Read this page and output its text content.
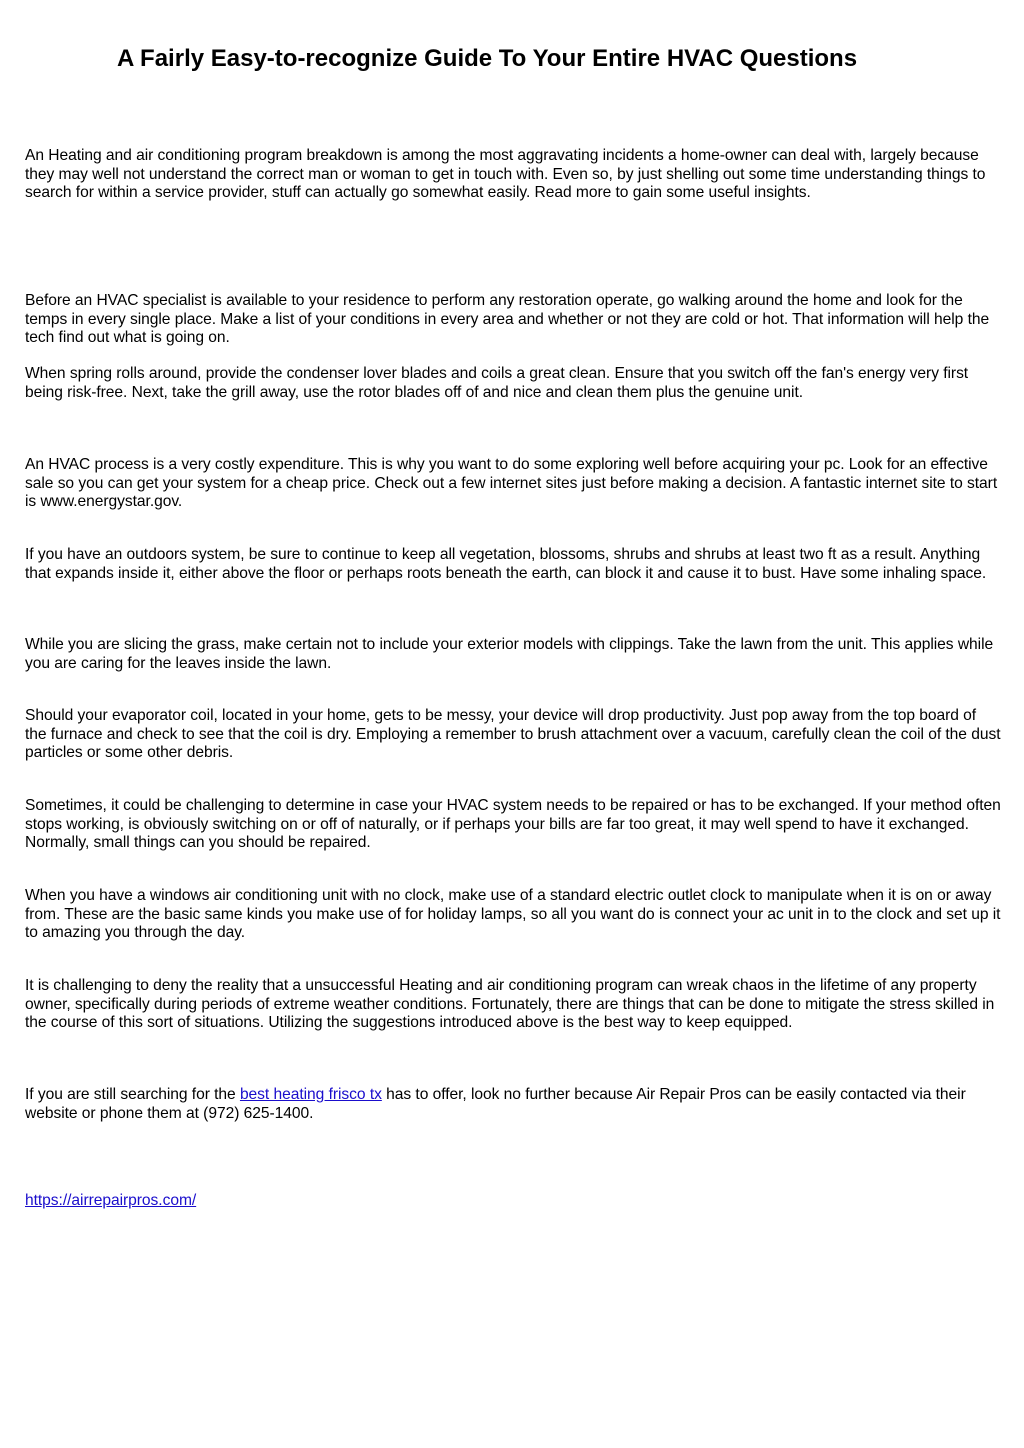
A Fairly Easy-to-recognize Guide To Your Entire HVAC Questions

An Heating and air conditioning program breakdown is among the most aggravating incidents a home-owner can deal with, largely because they may well not understand the correct man or woman to get in touch with. Even so, by just shelling out some time understanding things to search for within a service provider, stuff can actually go somewhat easily. Read more to gain some useful insights.

Before an HVAC specialist is available to your residence to perform any restoration operate, go walking around the home and look for the temps in every single place. Make a list of your conditions in every area and whether or not they are cold or hot. That information will help the tech find out what is going on.

When spring rolls around, provide the condenser lover blades and coils a great clean. Ensure that you switch off the fan's energy very first being risk-free. Next, take the grill away, use the rotor blades off of and nice and clean them plus the genuine unit.

An HVAC process is a very costly expenditure. This is why you want to do some exploring well before acquiring your pc. Look for an effective sale so you can get your system for a cheap price. Check out a few internet sites just before making a decision. A fantastic internet site to start is www.energystar.gov.

If you have an outdoors system, be sure to continue to keep all vegetation, blossoms, shrubs and shrubs at least two ft as a result. Anything that expands inside it, either above the floor or perhaps roots beneath the earth, can block it and cause it to bust. Have some inhaling space.

While you are slicing the grass, make certain not to include your exterior models with clippings. Take the lawn from the unit. This applies while you are caring for the leaves inside the lawn.

Should your evaporator coil, located in your home, gets to be messy, your device will drop productivity. Just pop away from the top board of the furnace and check to see that the coil is dry. Employing a remember to brush attachment over a vacuum, carefully clean the coil of the dust particles or some other debris.

Sometimes, it could be challenging to determine in case your HVAC system needs to be repaired or has to be exchanged. If your method often stops working, is obviously switching on or off of naturally, or if perhaps your bills are far too great, it may well spend to have it exchanged. Normally, small things can you should be repaired.

When you have a windows air conditioning unit with no clock, make use of a standard electric outlet clock to manipulate when it is on or away from. These are the basic same kinds you make use of for holiday lamps, so all you want do is connect your ac unit in to the clock and set up it to amazing you through the day.

It is challenging to deny the reality that a unsuccessful Heating and air conditioning program can wreak chaos in the lifetime of any property owner, specifically during periods of extreme weather conditions. Fortunately, there are things that can be done to mitigate the stress skilled in the course of this sort of situations. Utilizing the suggestions introduced above is the best way to keep equipped.

If you are still searching for the best heating frisco tx has to offer, look no further because Air Repair Pros can be easily contacted via their website or phone them at (972) 625-1400.

https://airrepairpros.com/
